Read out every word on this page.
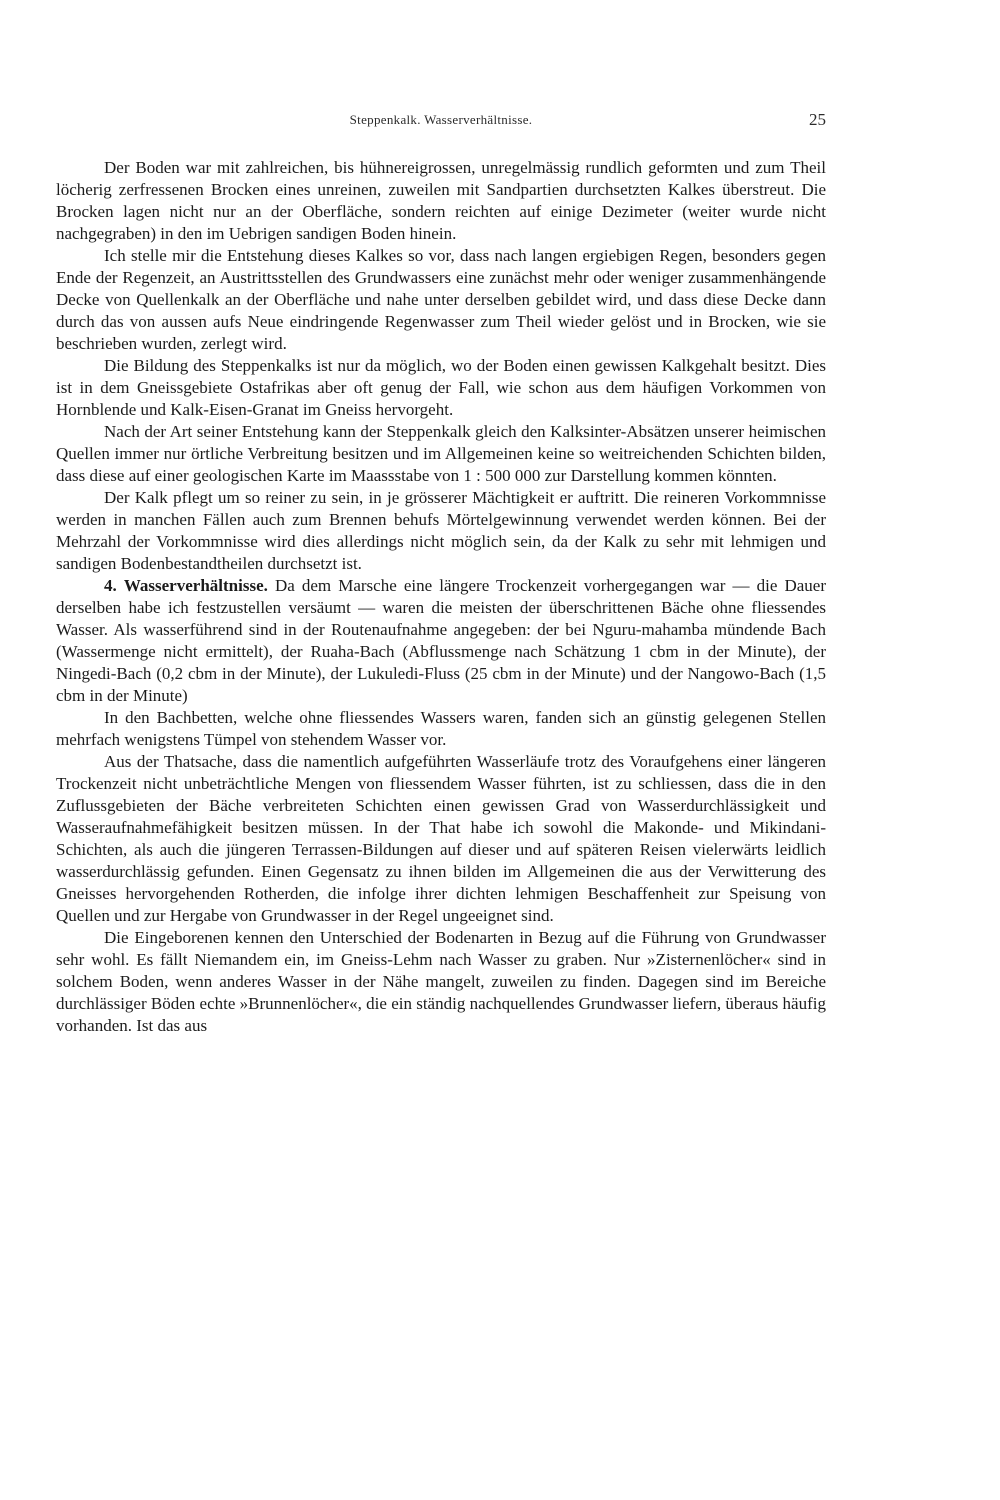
Steppenkalk. Wasserverhältnisse.	25

Der Boden war mit zahlreichen, bis hühnereigrossen, unregelmässig rundlich geformten und zum Theil löcherig zerfressenen Brocken eines unreinen, zuweilen mit Sandpartien durchsetzten Kalkes überstreut. Die Brocken lagen nicht nur an der Oberfläche, sondern reichten auf einige Dezimeter (weiter wurde nicht nachgegraben) in den im Uebrigen sandigen Boden hinein.

Ich stelle mir die Entstehung dieses Kalkes so vor, dass nach langen ergiebigen Regen, besonders gegen Ende der Regenzeit, an Austrittsstellen des Grundwassers eine zunächst mehr oder weniger zusammenhängende Decke von Quellenkalk an der Oberfläche und nahe unter derselben gebildet wird, und dass diese Decke dann durch das von aussen aufs Neue eindringende Regenwasser zum Theil wieder gelöst und in Brocken, wie sie beschrieben wurden, zerlegt wird.

Die Bildung des Steppenkalks ist nur da möglich, wo der Boden einen gewissen Kalkgehalt besitzt. Dies ist in dem Gneissgebiete Ostafrikas aber oft genug der Fall, wie schon aus dem häufigen Vorkommen von Hornblende und Kalk-Eisen-Granat im Gneiss hervorgeht.

Nach der Art seiner Entstehung kann der Steppenkalk gleich den Kalksinter-Absätzen unserer heimischen Quellen immer nur örtliche Verbreitung besitzen und im Allgemeinen keine so weitreichenden Schichten bilden, dass diese auf einer geologischen Karte im Maassstabe von 1 : 500 000 zur Darstellung kommen könnten.

Der Kalk pflegt um so reiner zu sein, in je grösserer Mächtigkeit er auftritt. Die reineren Vorkommnisse werden in manchen Fällen auch zum Brennen behufs Mörtelgewinnung verwendet werden können. Bei der Mehrzahl der Vorkommnisse wird dies allerdings nicht möglich sein, da der Kalk zu sehr mit lehmigen und sandigen Bodenbestandtheilen durchsetzt ist.

4. Wasserverhältnisse. Da dem Marsche eine längere Trockenzeit vorhergegangen war — die Dauer derselben habe ich festzustellen versäumt — waren die meisten der überschrittenen Bäche ohne fliessendes Wasser. Als wasserführend sind in der Routenaufnahme angegeben: der bei Nguru-mahamba mündende Bach (Wassermenge nicht ermittelt), der Ruaha-Bach (Abflussmenge nach Schätzung 1 cbm in der Minute), der Ningedi-Bach (0,2 cbm in der Minute), der Lukuledi-Fluss (25 cbm in der Minute) und der Nangowo-Bach (1,5 cbm in der Minute)

In den Bachbetten, welche ohne fliessendes Wassers waren, fanden sich an günstig gelegenen Stellen mehrfach wenigstens Tümpel von stehendem Wasser vor.

Aus der Thatsache, dass die namentlich aufgeführten Wasserläufe trotz des Voraufgehens einer längeren Trockenzeit nicht unbeträchtliche Mengen von fliessendem Wasser führten, ist zu schliessen, dass die in den Zuflussgebieten der Bäche verbreiteten Schichten einen gewissen Grad von Wasserdurchlässigkeit und Wasseraufnahmefähigkeit besitzen müssen. In der That habe ich sowohl die Makonde- und Mikindani-Schichten, als auch die jüngeren Terrassen-Bildungen auf dieser und auf späteren Reisen vielerwärts leidlich wasserdurchlässig gefunden. Einen Gegensatz zu ihnen bilden im Allgemeinen die aus der Verwitterung des Gneisses hervorgehenden Rotherden, die infolge ihrer dichten lehmigen Beschaffenheit zur Speisung von Quellen und zur Hergabe von Grundwasser in der Regel ungeeignet sind.

Die Eingeborenen kennen den Unterschied der Bodenarten in Bezug auf die Führung von Grundwasser sehr wohl. Es fällt Niemandem ein, im Gneiss-Lehm nach Wasser zu graben. Nur »Zisternenlöcher« sind in solchem Boden, wenn anderes Wasser in der Nähe mangelt, zuweilen zu finden. Dagegen sind im Bereiche durchlässiger Böden echte »Brunnenlöcher«, die ein ständig nachquellendes Grundwasser liefern, überaus häufig vorhanden. Ist das aus
